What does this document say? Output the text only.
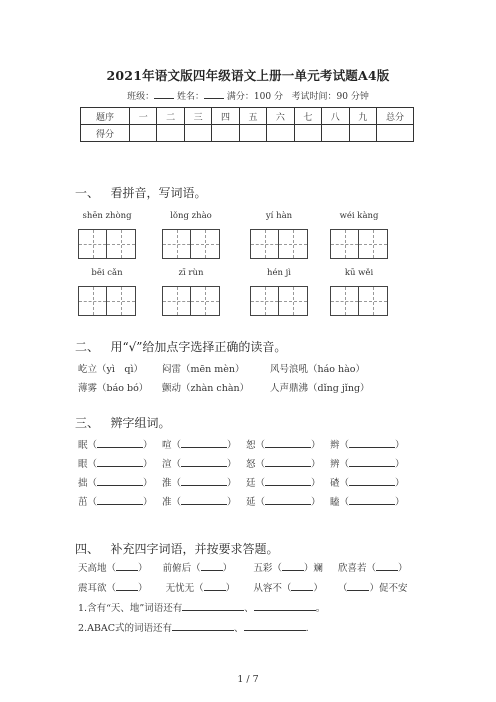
2021年语文版四年级语文上册一单元考试题A4版
班级：	姓名：	满分：100 分 考试时间：90 分钟
题序	一	二	三	四	五	六	七	八	九	总分
得分										
一、 看拼音，写词语。
shēn zhòng	lǒng zhào	yí hàn	wéi kàng
bēi cǎn	zī rùn	hén jì	kū wěi
二、 用“√”给加点字选择正确的读音。
屹立（yì　qì） 闷雷（mēn mèn）	风号浪吼（háo hào）
薄雾（báo bó） 颤动（zhàn chàn） 人声鼎沸（dǐng jǐng）
三、 辨字组词。
眠（	） 喧（	） 恕（	） 辫（	）
眼（	） 渲（	） 怒（	） 辨（	）
拙（	） 淮（	） 廷（	） 碴（	）
茁（	） 准（	） 延（	） 瞌（	）
四、 补充四字词语，并按要求答题。
天高地（ ） 前俯后（ ） 五彩（ ）斓 欣喜若（ ）
震耳欲（ ） 无忧无（ ） 从容不（ ） （ ）促不安
1.含有“天、地”词语还有	、	。
2.ABAC式的词语还有	、	.
1 / 7
